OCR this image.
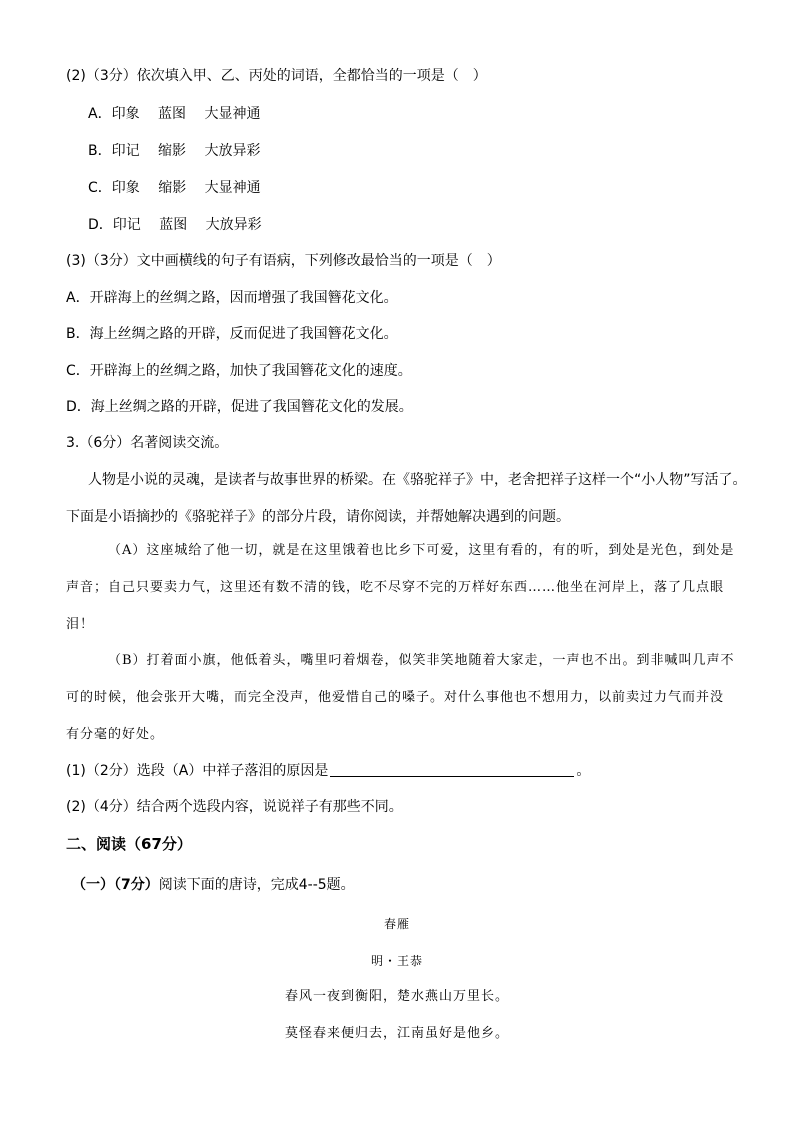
(2)（3分）依次填入甲、乙、丙处的词语，全都恰当的一项是（　）
A．印象　 蓝图　 大显神通
B．印记　 缩影　 大放异彩
C．印象　 缩影　 大显神通
D．印记　 蓝图　 大放异彩
(3)（3分）文中画横线的句子有语病，下列修改最恰当的一项是（　）
A．开辟海上的丝绸之路，因而增强了我国簪花文化。
B．海上丝绸之路的开辟，反而促进了我国簪花文化。
C．开辟海上的丝绸之路，加快了我国簪花文化的速度。
D．海上丝绸之路的开辟，促进了我国簪花文化的发展。
3.（6分）名著阅读交流。
人物是小说的灵魂，是读者与故事世界的桥梁。在《骆驼祥子》中，老舍把祥子这样一个“小人物”写活了。
下面是小语摘抄的《骆驼祥子》的部分片段，请你阅读，并帮她解决遇到的问题。
（A）这座城给了他一切，就是在这里饿着也比乡下可爱，这里有看的，有的听，到处是光色，到处是
声音；自己只要卖力气，这里还有数不清的钱，吃不尽穿不完的万样好东西……他坐在河岸上，落了几点眼
泪！
（B）打着面小旗，他低着头，嘴里叼着烟卷，似笑非笑地随着大家走，一声也不出。到非喊叫几声不
可的时候，他会张开大嘴，而完全没声，他爱惜自己的嗓子。对什么事他也不想用力，以前卖过力气而并没
有分毫的好处。
(1)（2分）选段（A）中祥子落泪的原因是	。
(2)（4分）结合两个选段内容，说说祥子有那些不同。
二、阅读（67分）
（一）（7分）阅读下面的唐诗，完成4--5题。
春雁
明・王恭
春风一夜到衡阳，楚水燕山万里长。
莫怪春来便归去，江南虽好是他乡。
